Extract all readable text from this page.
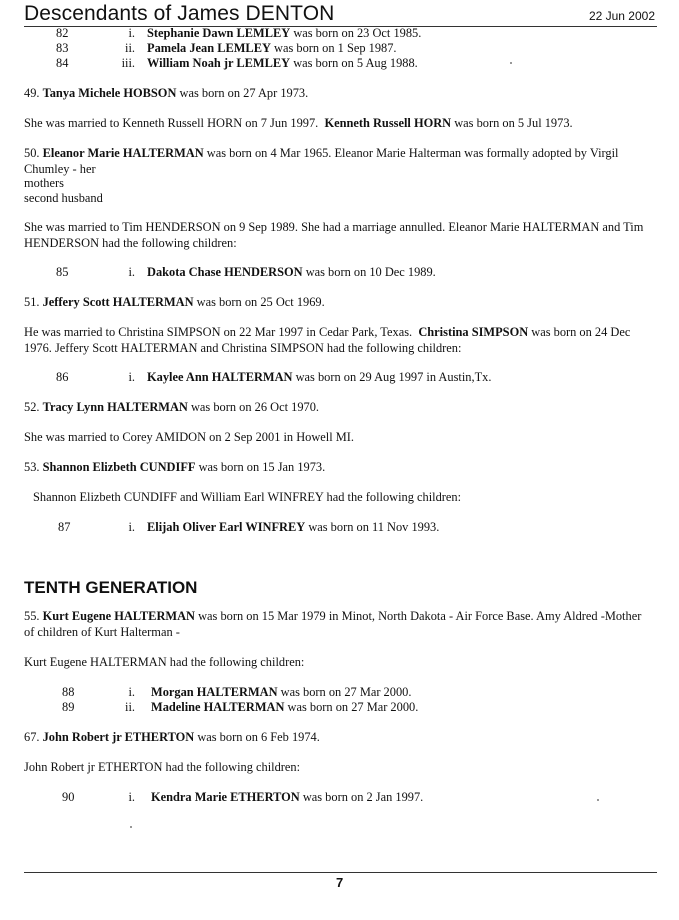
Descendants of James DENTON	22 Jun 2002
82	i. Stephanie Dawn LEMLEY was born on 23 Oct 1985.
83	ii. Pamela Jean LEMLEY was born on 1 Sep 1987.
84	iii. William Noah jr LEMLEY was born on 5 Aug 1988.
49. Tanya Michele HOBSON was born on 27 Apr 1973.
She was married to Kenneth Russell HORN on 7 Jun 1997. Kenneth Russell HORN was born on 5 Jul 1973.
50. Eleanor Marie HALTERMAN was born on 4 Mar 1965. Eleanor Marie Halterman was formally adopted by Virgil Chumley - her
mothers
second husband
She was married to Tim HENDERSON on 9 Sep 1989. She had a marriage annulled. Eleanor Marie HALTERMAN and Tim HENDERSON had the following children:
85	i. Dakota Chase HENDERSON was born on 10 Dec 1989.
51. Jeffery Scott HALTERMAN was born on 25 Oct 1969.
He was married to Christina SIMPSON on 22 Mar 1997 in Cedar Park, Texas. Christina SIMPSON was born on 24 Dec 1976. Jeffery Scott HALTERMAN and Christina SIMPSON had the following children:
86	i. Kaylee Ann HALTERMAN was born on 29 Aug 1997 in Austin,Tx.
52. Tracy Lynn HALTERMAN was born on 26 Oct 1970.
She was married to Corey AMIDON on 2 Sep 2001 in Howell MI.
53. Shannon Elizbeth CUNDIFF was born on 15 Jan 1973.
Shannon Elizbeth CUNDIFF and William Earl WINFREY had the following children:
87	i. Elijah Oliver Earl WINFREY was born on 11 Nov 1993.
TENTH GENERATION
55. Kurt Eugene HALTERMAN was born on 15 Mar 1979 in Minot, North Dakota - Air Force Base. Amy Aldred -Mother of children of Kurt Halterman -
Kurt Eugene HALTERMAN had the following children:
88	i. Morgan HALTERMAN was born on 27 Mar 2000.
89	ii. Madeline HALTERMAN was born on 27 Mar 2000.
67. John Robert jr ETHERTON was born on 6 Feb 1974.
John Robert jr ETHERTON had the following children:
90	i. Kendra Marie ETHERTON was born on 2 Jan 1997.
7
